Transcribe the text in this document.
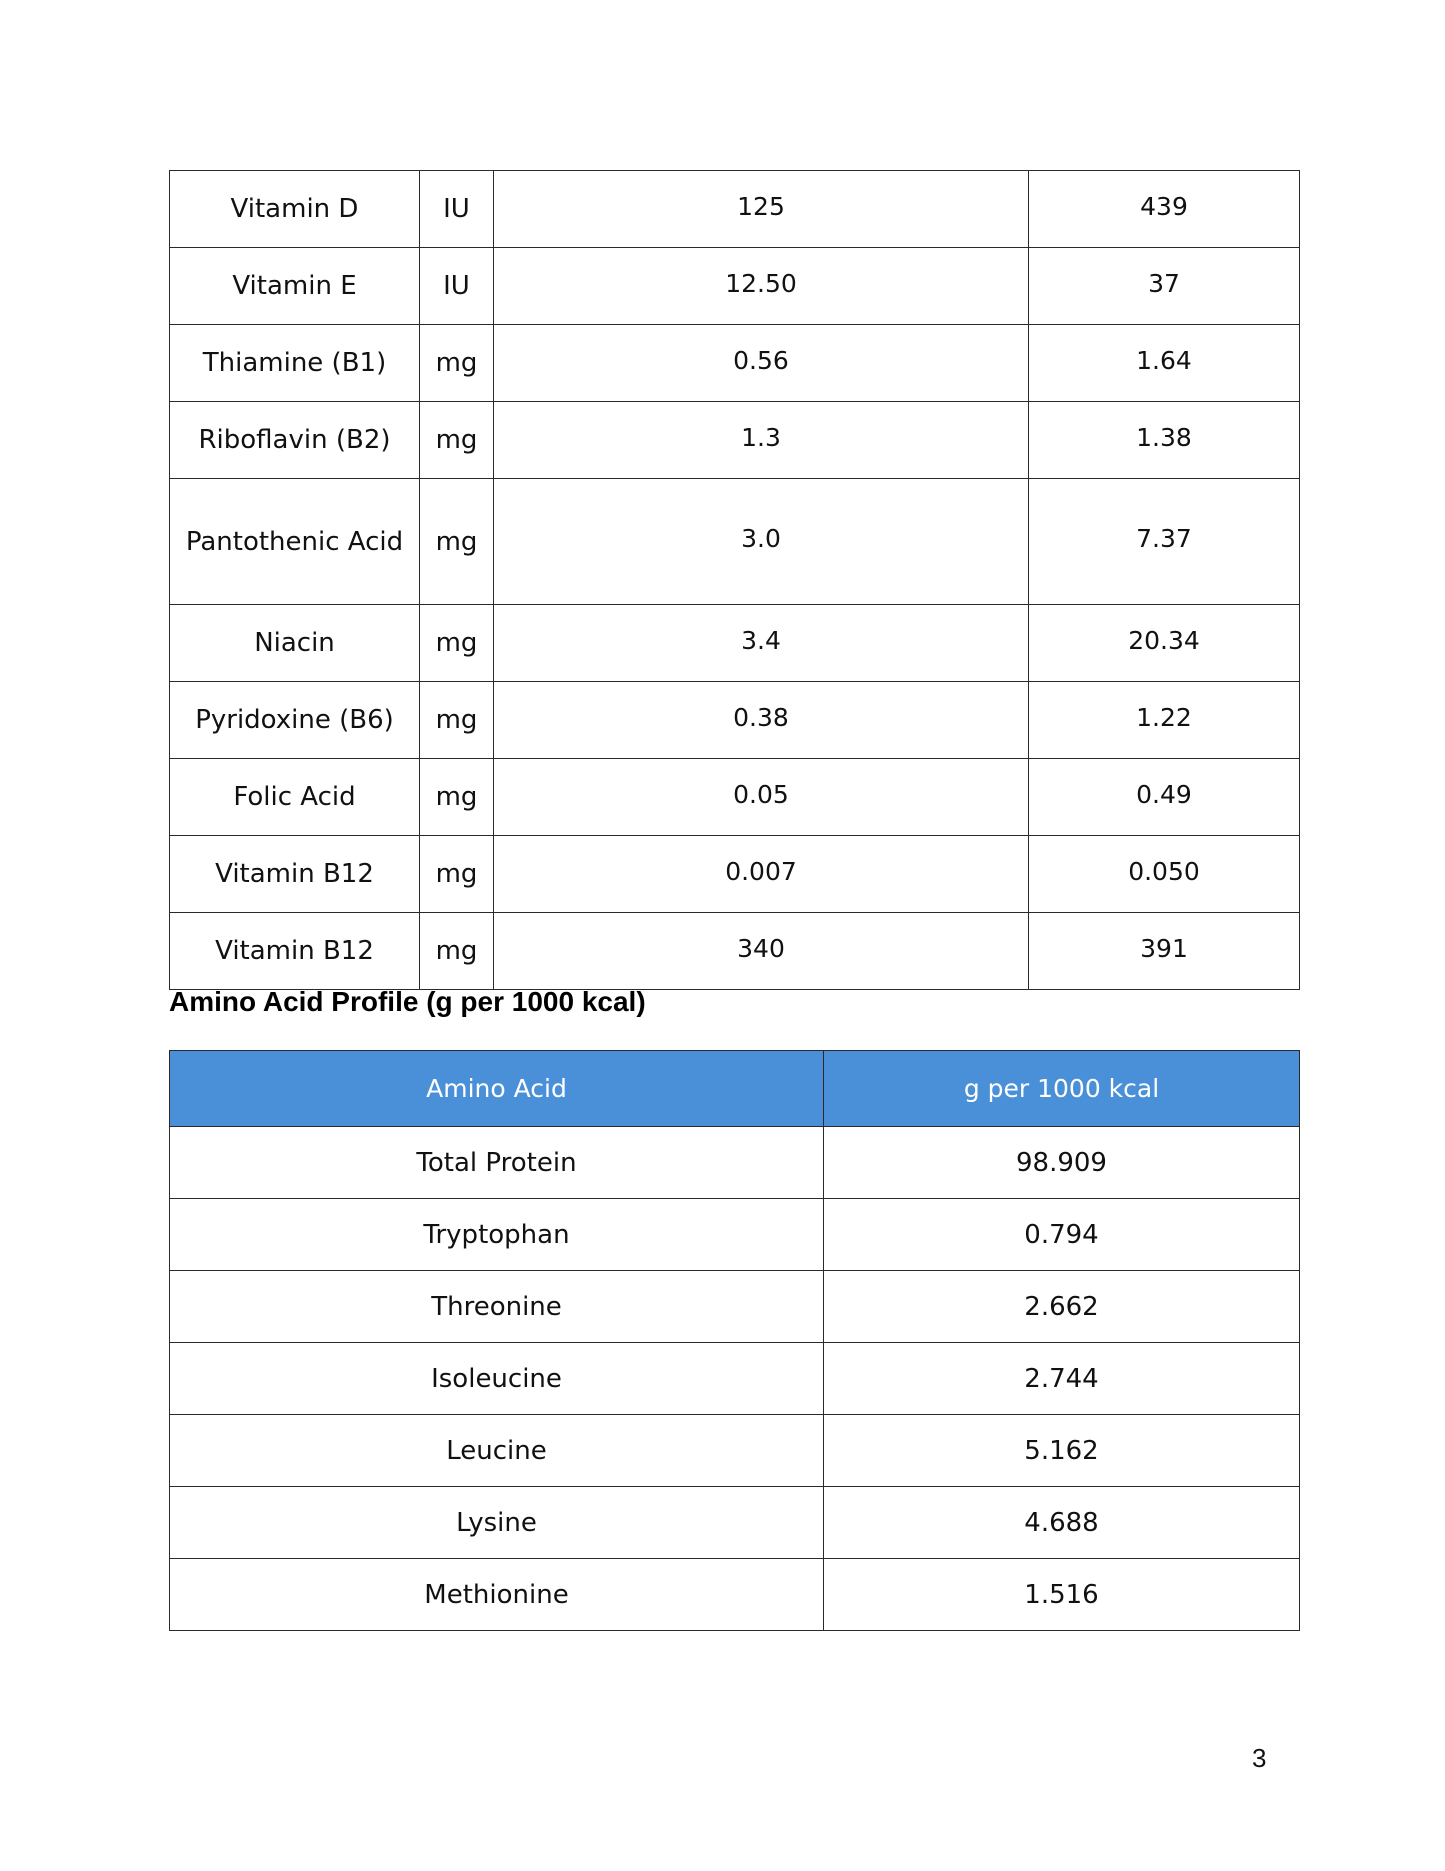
Vitamin D	IU	125	439
Vitamin E	IU	12.50	37
Thiamine (B1)	mg	0.56	1.64
Riboflavin (B2)	mg	1.3	1.38
Pantothenic Acid	mg	3.0	7.37
Niacin	mg	3.4	20.34
Pyridoxine (B6)	mg	0.38	1.22
Folic Acid	mg	0.05	0.49
Vitamin B12	mg	0.007	0.050
Vitamin B12	mg	340	391
Amino Acid Profile (g per 1000 kcal)
Amino Acid	g per 1000 kcal
Total Protein	98.909
Tryptophan	0.794
Threonine	2.662
Isoleucine	2.744
Leucine	5.162
Lysine	4.688
Methionine	1.516
3
